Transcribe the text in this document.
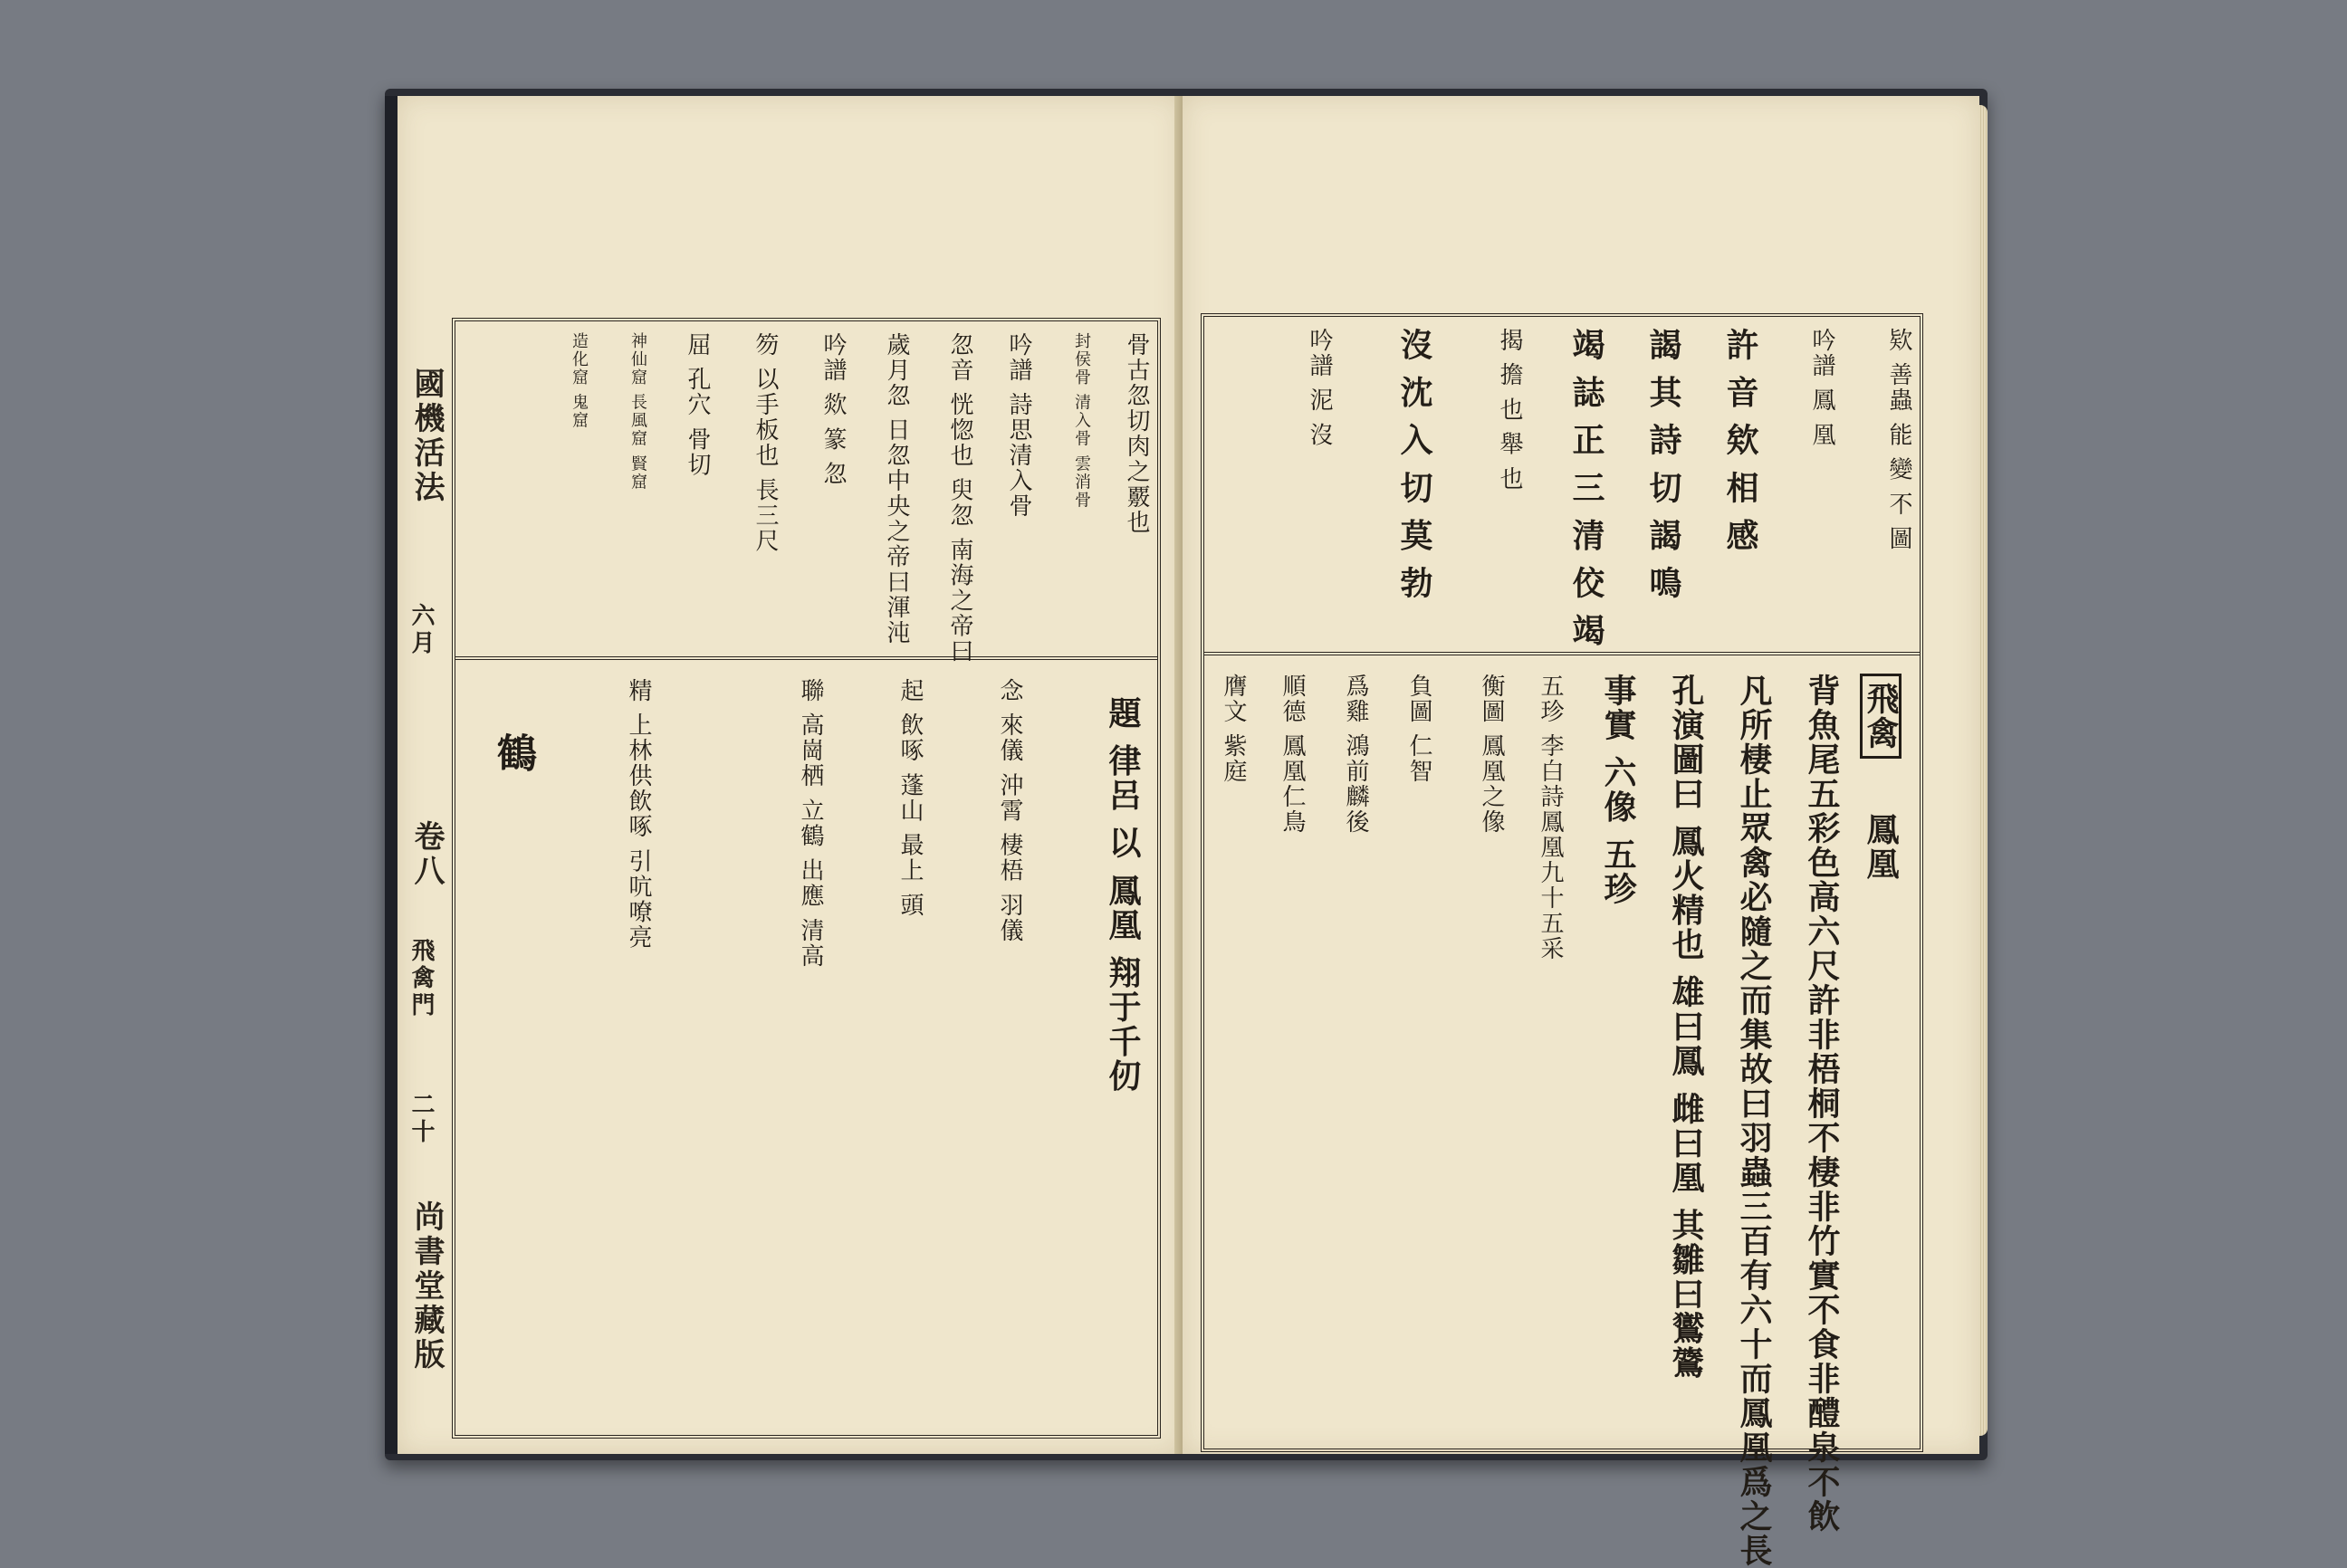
國機活法
六月
卷八
飛禽門
二十
尚書堂藏版
骨古忽切肉之覈也
封侯骨 清入骨 雲消骨
吟譜 詩思清入骨
忽音 恍惚也 臾忽 南海之帝曰
歲月忽 日忽中央之帝曰渾沌
吟譜 欻 篆 忽
笏 以手板也 長三尺
屈 孔穴 骨切
神仙窟 長風窟 賢窟
造化窟 鬼窟
題 律呂 以 鳳凰 翔于千仞
念 來儀 沖霄 棲梧 羽儀
起 飲啄 蓬山 最上 頭
聯 高崗栖 立鶴 出應 清高
精 上林供飲啄 引吭嘹亮
鶴
欵 善蟲 能 變 不 圖
吟譜 鳳 凰
許 音 欸 相 感
謁 其 詩 切 謁 鳴
竭 誌 正 三 清 佼 竭
揭 擔 也 舉 也
沒 沈 入 切 莫 勃
吟譜 泥 沒
飛禽  鳳凰
背魚尾五彩色高六尺許非梧桐不棲非竹實不食非醴泉不飲
凡所棲止眾禽必隨之而集故曰羽蟲三百有六十而鳳凰爲之長
孔演圖曰 鳳火精也 雄曰鳳 雌曰凰 其雛曰鸑鷟
事實 六像 五珍
五珍 李白詩鳳凰九十五采
衡圖 鳳凰之像
負圖 仁智
爲雞 鴻前麟後
順德 鳳凰仁鳥
膺文 紫庭
